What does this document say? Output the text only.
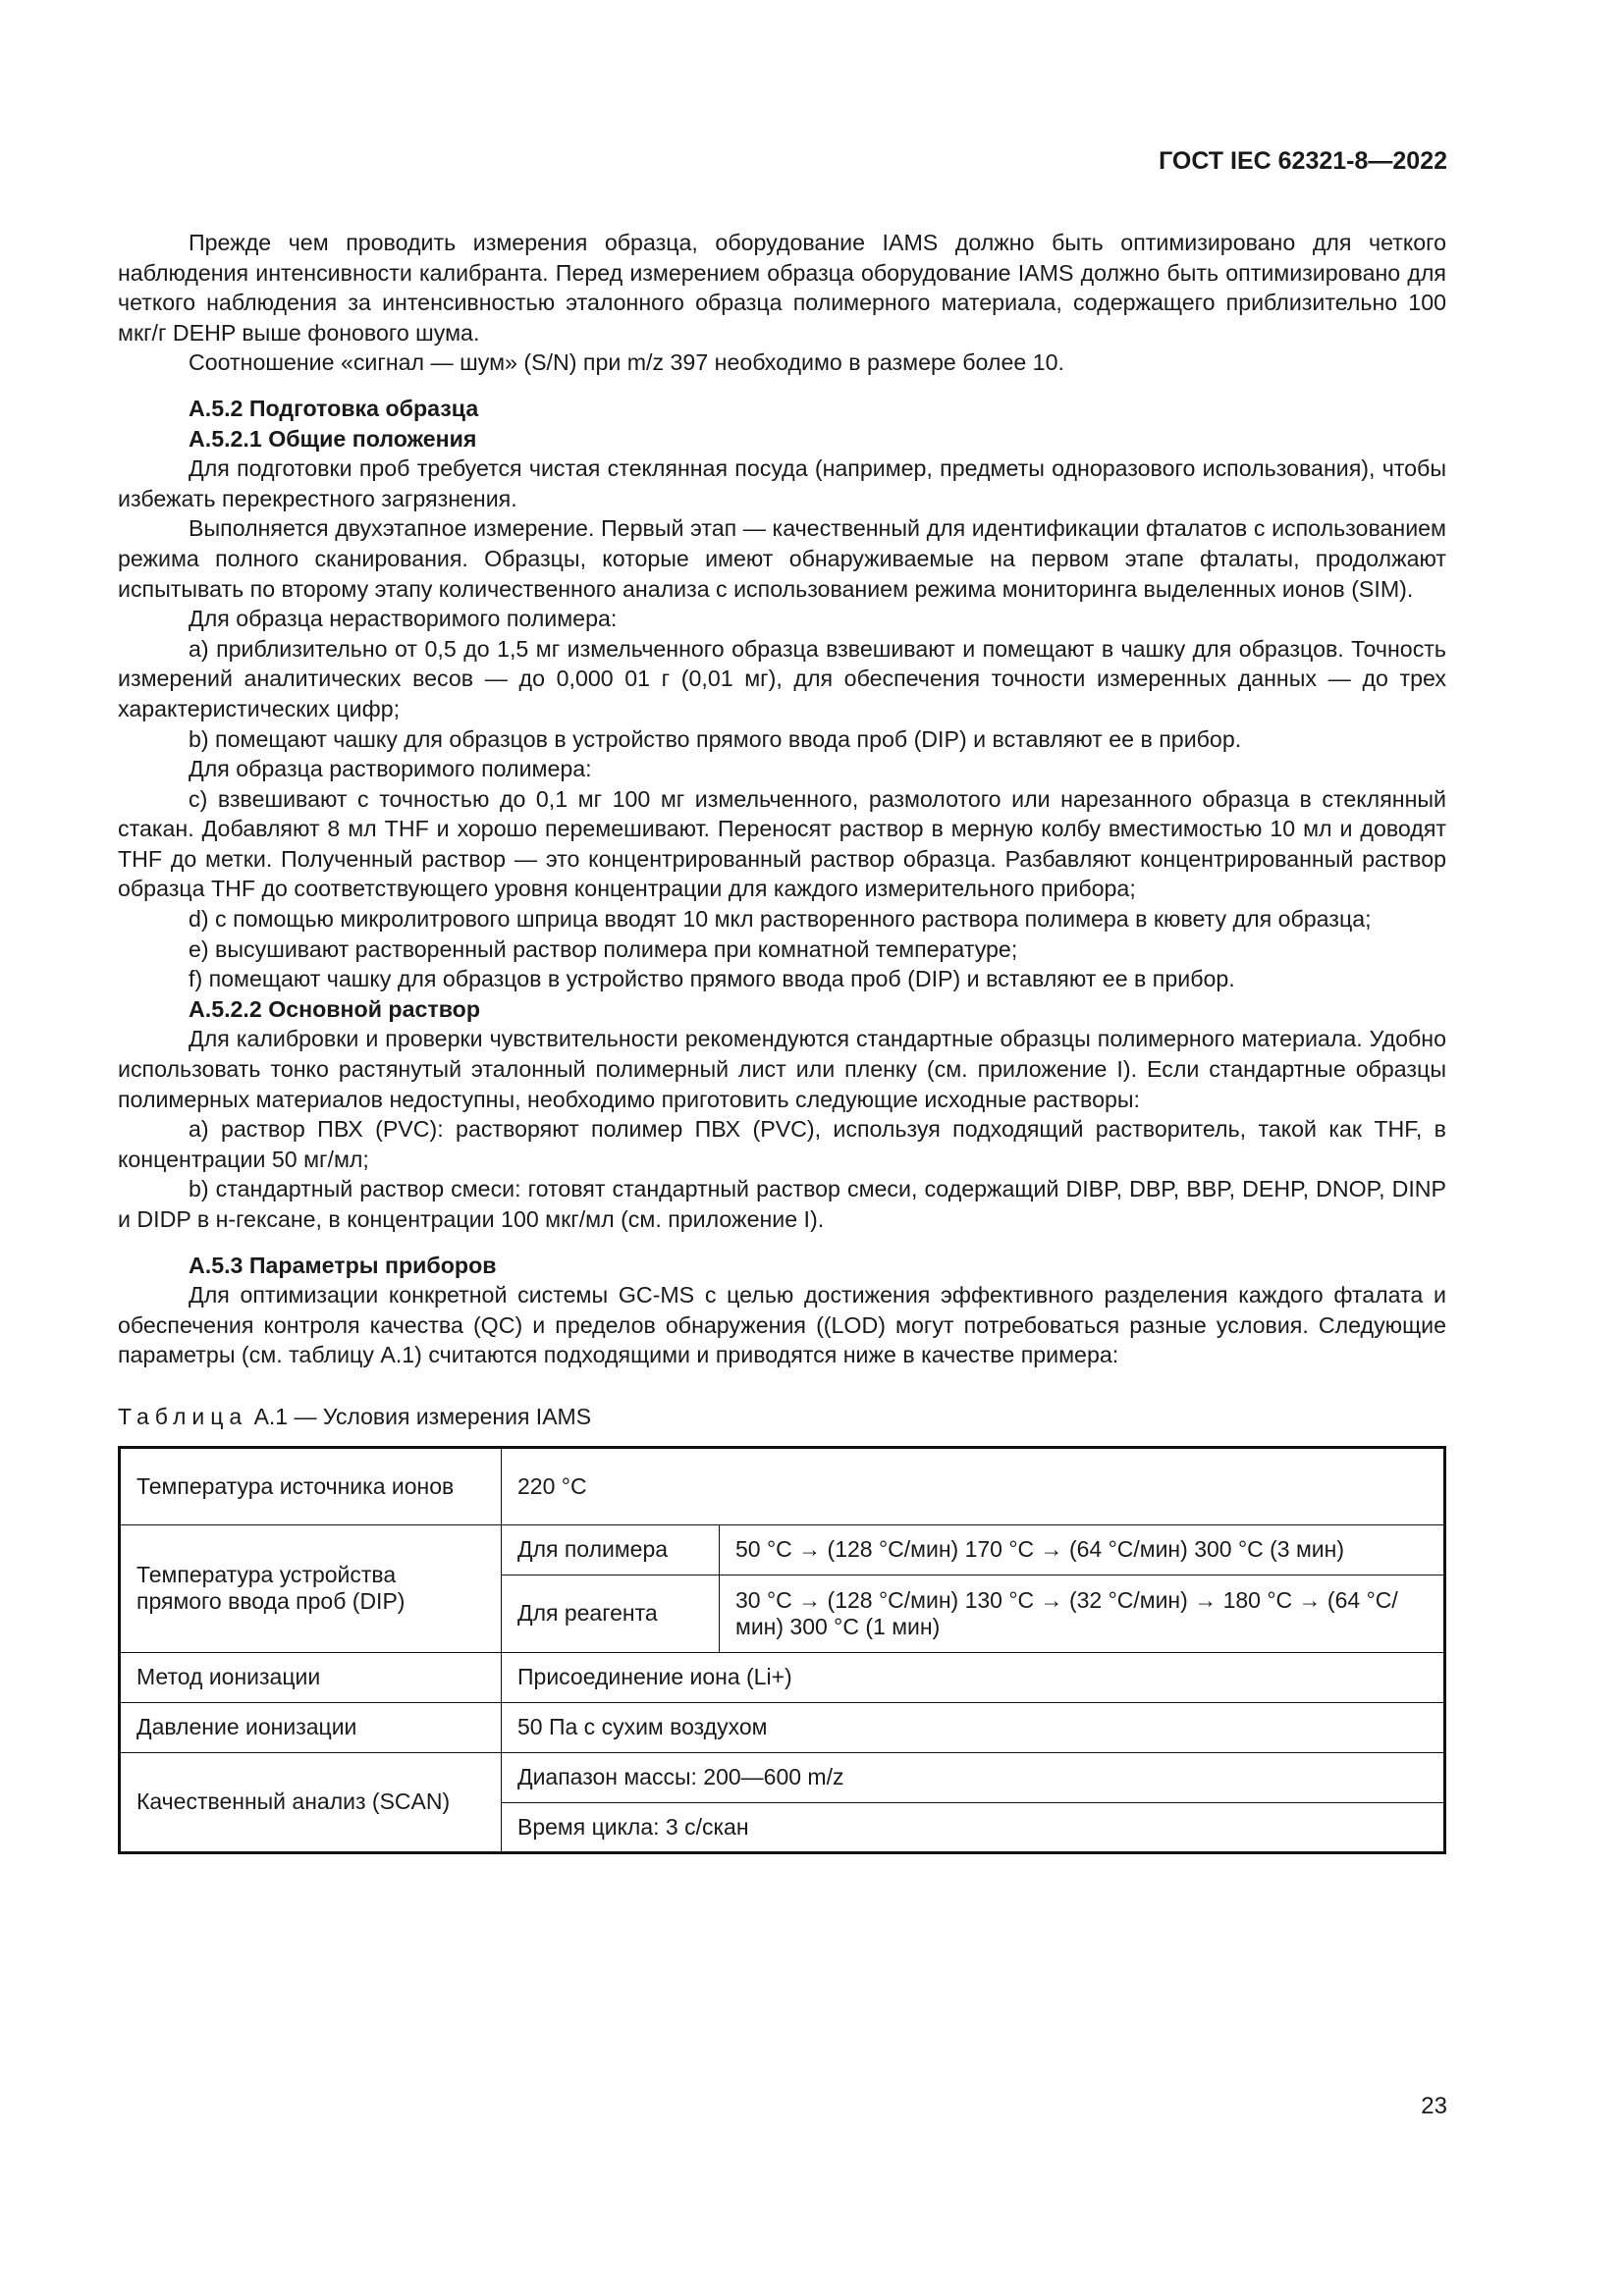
ГОСТ IEC 62321-8—2022

Прежде чем проводить измерения образца, оборудование IAMS должно быть оптимизировано для четкого наблюдения интенсивности калибранта. Перед измерением образца оборудование IAMS должно быть оптимизировано для четкого наблюдения за интенсивностью эталонного образца полимерного материала, содержащего приблизительно 100 мкг/г DEHP выше фонового шума.

Соотношение «сигнал — шум» (S/N) при m/z 397 необходимо в размере более 10.

А.5.2 Подготовка образца

А.5.2.1 Общие положения

Для подготовки проб требуется чистая стеклянная посуда (например, предметы одноразового использования), чтобы избежать перекрестного загрязнения.

Выполняется двухэтапное измерение. Первый этап — качественный для идентификации фталатов с использованием режима полного сканирования. Образцы, которые имеют обнаруживаемые на первом этапе фталаты, продолжают испытывать по второму этапу количественного анализа с использованием режима мониторинга выделенных ионов (SIM).

Для образца нерастворимого полимера:

a) приблизительно от 0,5 до 1,5 мг измельченного образца взвешивают и помещают в чашку для образцов. Точность измерений аналитических весов — до 0,000 01 г (0,01 мг), для обеспечения точности измеренных данных — до трех характеристических цифр;

b) помещают чашку для образцов в устройство прямого ввода проб (DIP) и вставляют ее в прибор.

Для образца растворимого полимера:

c) взвешивают с точностью до 0,1 мг 100 мг измельченного, размолотого или нарезанного образца в стеклянный стакан. Добавляют 8 мл THF и хорошо перемешивают. Переносят раствор в мерную колбу вместимостью 10 мл и доводят THF до метки. Полученный раствор — это концентрированный раствор образца. Разбавляют концентрированный раствор образца THF до соответствующего уровня концентрации для каждого измерительного прибора;

d) с помощью микролитрового шприца вводят 10 мкл растворенного раствора полимера в кювету для образца;

e) высушивают растворенный раствор полимера при комнатной температуре;

f) помещают чашку для образцов в устройство прямого ввода проб (DIP) и вставляют ее в прибор.

А.5.2.2 Основной раствор

Для калибровки и проверки чувствительности рекомендуются стандартные образцы полимерного материала. Удобно использовать тонко растянутый эталонный полимерный лист или пленку (см. приложение I). Если стандартные образцы полимерных материалов недоступны, необходимо приготовить следующие исходные растворы:

a) раствор ПВХ (PVC): растворяют полимер ПВХ (PVC), используя подходящий растворитель, такой как THF, в концентрации 50 мг/мл;

b) стандартный раствор смеси: готовят стандартный раствор смеси, содержащий DIBP, DBP, BBP, DEHP, DNOP, DINP и DIDP в н-гексане, в концентрации 100 мкг/мл (см. приложение I).

А.5.3 Параметры приборов

Для оптимизации конкретной системы GC-MS с целью достижения эффективного разделения каждого фталата и обеспечения контроля качества (QC) и пределов обнаружения ((LOD) могут потребоваться разные условия. Следующие параметры (см. таблицу А.1) считаются подходящими и приводятся ниже в качестве примера:

Таблица А.1 — Условия измерения IAMS
Температура источника ионов	220 °C	
Температура устройства прямого ввода проб (DIP)	Для полимера	50 °C → (128 °C/мин) 170 °C → (64 °C/мин) 300 °C (3 мин)
	Для реагента	30 °C → (128 °C/мин) 130 °C → (32 °C/мин) → 180 °C → (64 °C/мин) 300 °C (1 мин)
Метод ионизации	Присоединение иона (Li+)	
Давление ионизации	50 Па с сухим воздухом	
Качественный анализ (SCAN)	Диапазон массы: 200—600 m/z	
	Время цикла: 3 с/скан	
23
